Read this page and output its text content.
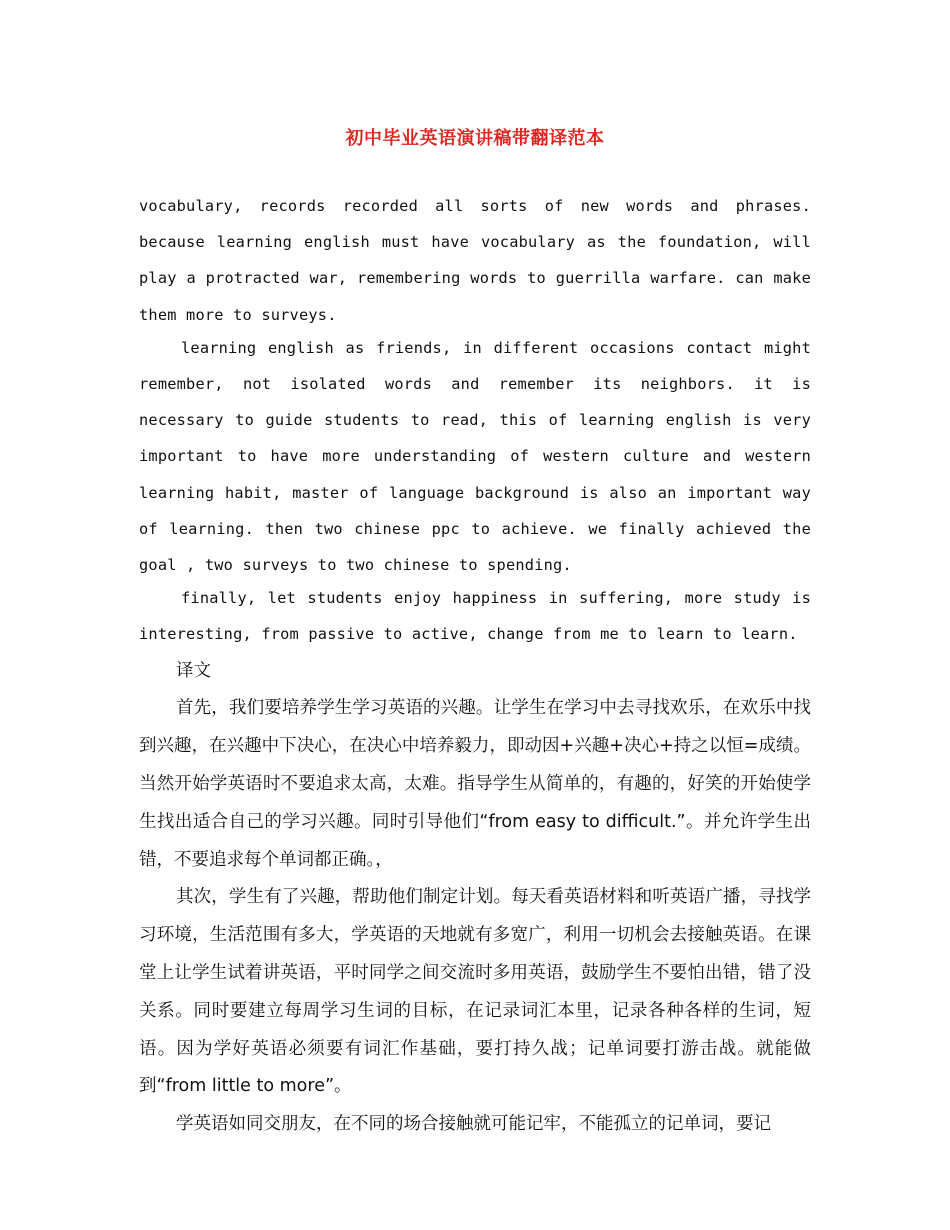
初中毕业英语演讲稿带翻译范本

vocabulary, records recorded all sorts of new words and phrases. because learning english must have vocabulary as the foundation, will play a protracted war, remembering words to guerrilla warfare. can make them more to surveys.

learning english as friends, in different occasions contact might remember, not isolated words and remember its neighbors. it is necessary to guide students to read, this of learning english is very important to have more understanding of western culture and western learning habit, master of language background is also an important way of learning. then two chinese ppc to achieve. we finally achieved the goal , two surveys to two chinese to spending.

finally, let students enjoy happiness in suffering, more study is interesting, from passive to active, change from me to learn to learn.

译文

首先，我们要培养学生学习英语的兴趣。让学生在学习中去寻找欢乐，在欢乐中找到兴趣，在兴趣中下决心，在决心中培养毅力，即动因+兴趣+决心+持之以恒=成绩。当然开始学英语时不要追求太高，太难。指导学生从简单的，有趣的，好笑的开始使学生找出适合自己的学习兴趣。同时引导他们“from easy to difficult.”。并允许学生出错，不要追求每个单词都正确。，

其次，学生有了兴趣，帮助他们制定计划。每天看英语材料和听英语广播，寻找学习环境，生活范围有多大，学英语的天地就有多宽广，利用一切机会去接触英语。在课堂上让学生试着讲英语，平时同学之间交流时多用英语，鼓励学生不要怕出错，错了没关系。同时要建立每周学习生词的目标，在记录词汇本里，记录各种各样的生词，短语。因为学好英语必须要有词汇作基础，要打持久战；记单词要打游击战。就能做到“from little to more”。

学英语如同交朋友，在不同的场合接触就可能记牢，不能孤立的记单词，要记
